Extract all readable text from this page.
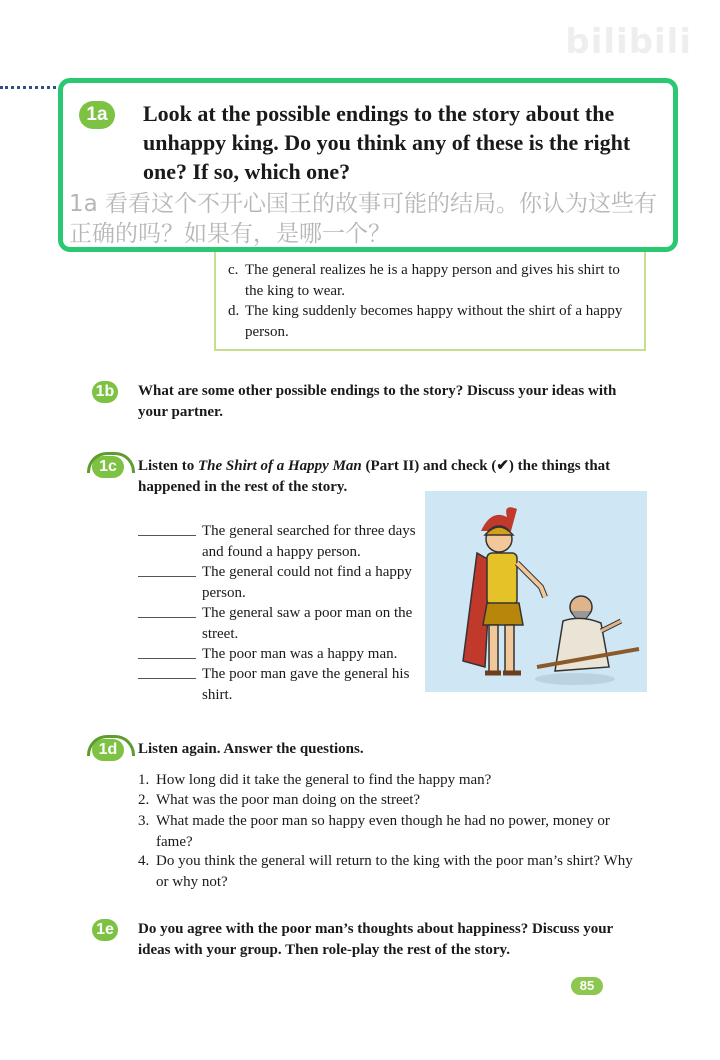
bilibili
c. The general realizes he is a happy person and gives his shirt to the king to wear.
d. The king suddenly becomes happy without the shirt of a happy person.
1a	Look at the possible endings to the story about the unhappy king. Do you think any of these is the right one? If so, which one?
1a 看看这个不开心国王的故事可能的结局。你认为这些有正确的吗？如果有，是哪一个？
1b What are some other possible endings to the story? Discuss your ideas with your partner.
1c	Listen to The Shirt of a Happy Man (Part II) and check (✔) the things that happened in the rest of the story.
The general searched for three days and found a happy person.
The general could not find a happy person.
The general saw a poor man on the street.
The poor man was a happy man.
The poor man gave the general his shirt.
1d	Listen again. Answer the questions.
1. How long did it take the general to find the happy man?
2. What was the poor man doing on the street?
3. What made the poor man so happy even though he had no power, money or fame?
4. Do you think the general will return to the king with the poor man’s shirt? Why or why not?
1e Do you agree with the poor man’s thoughts about happiness? Discuss your ideas with your group. Then role-play the rest of the story.
85
